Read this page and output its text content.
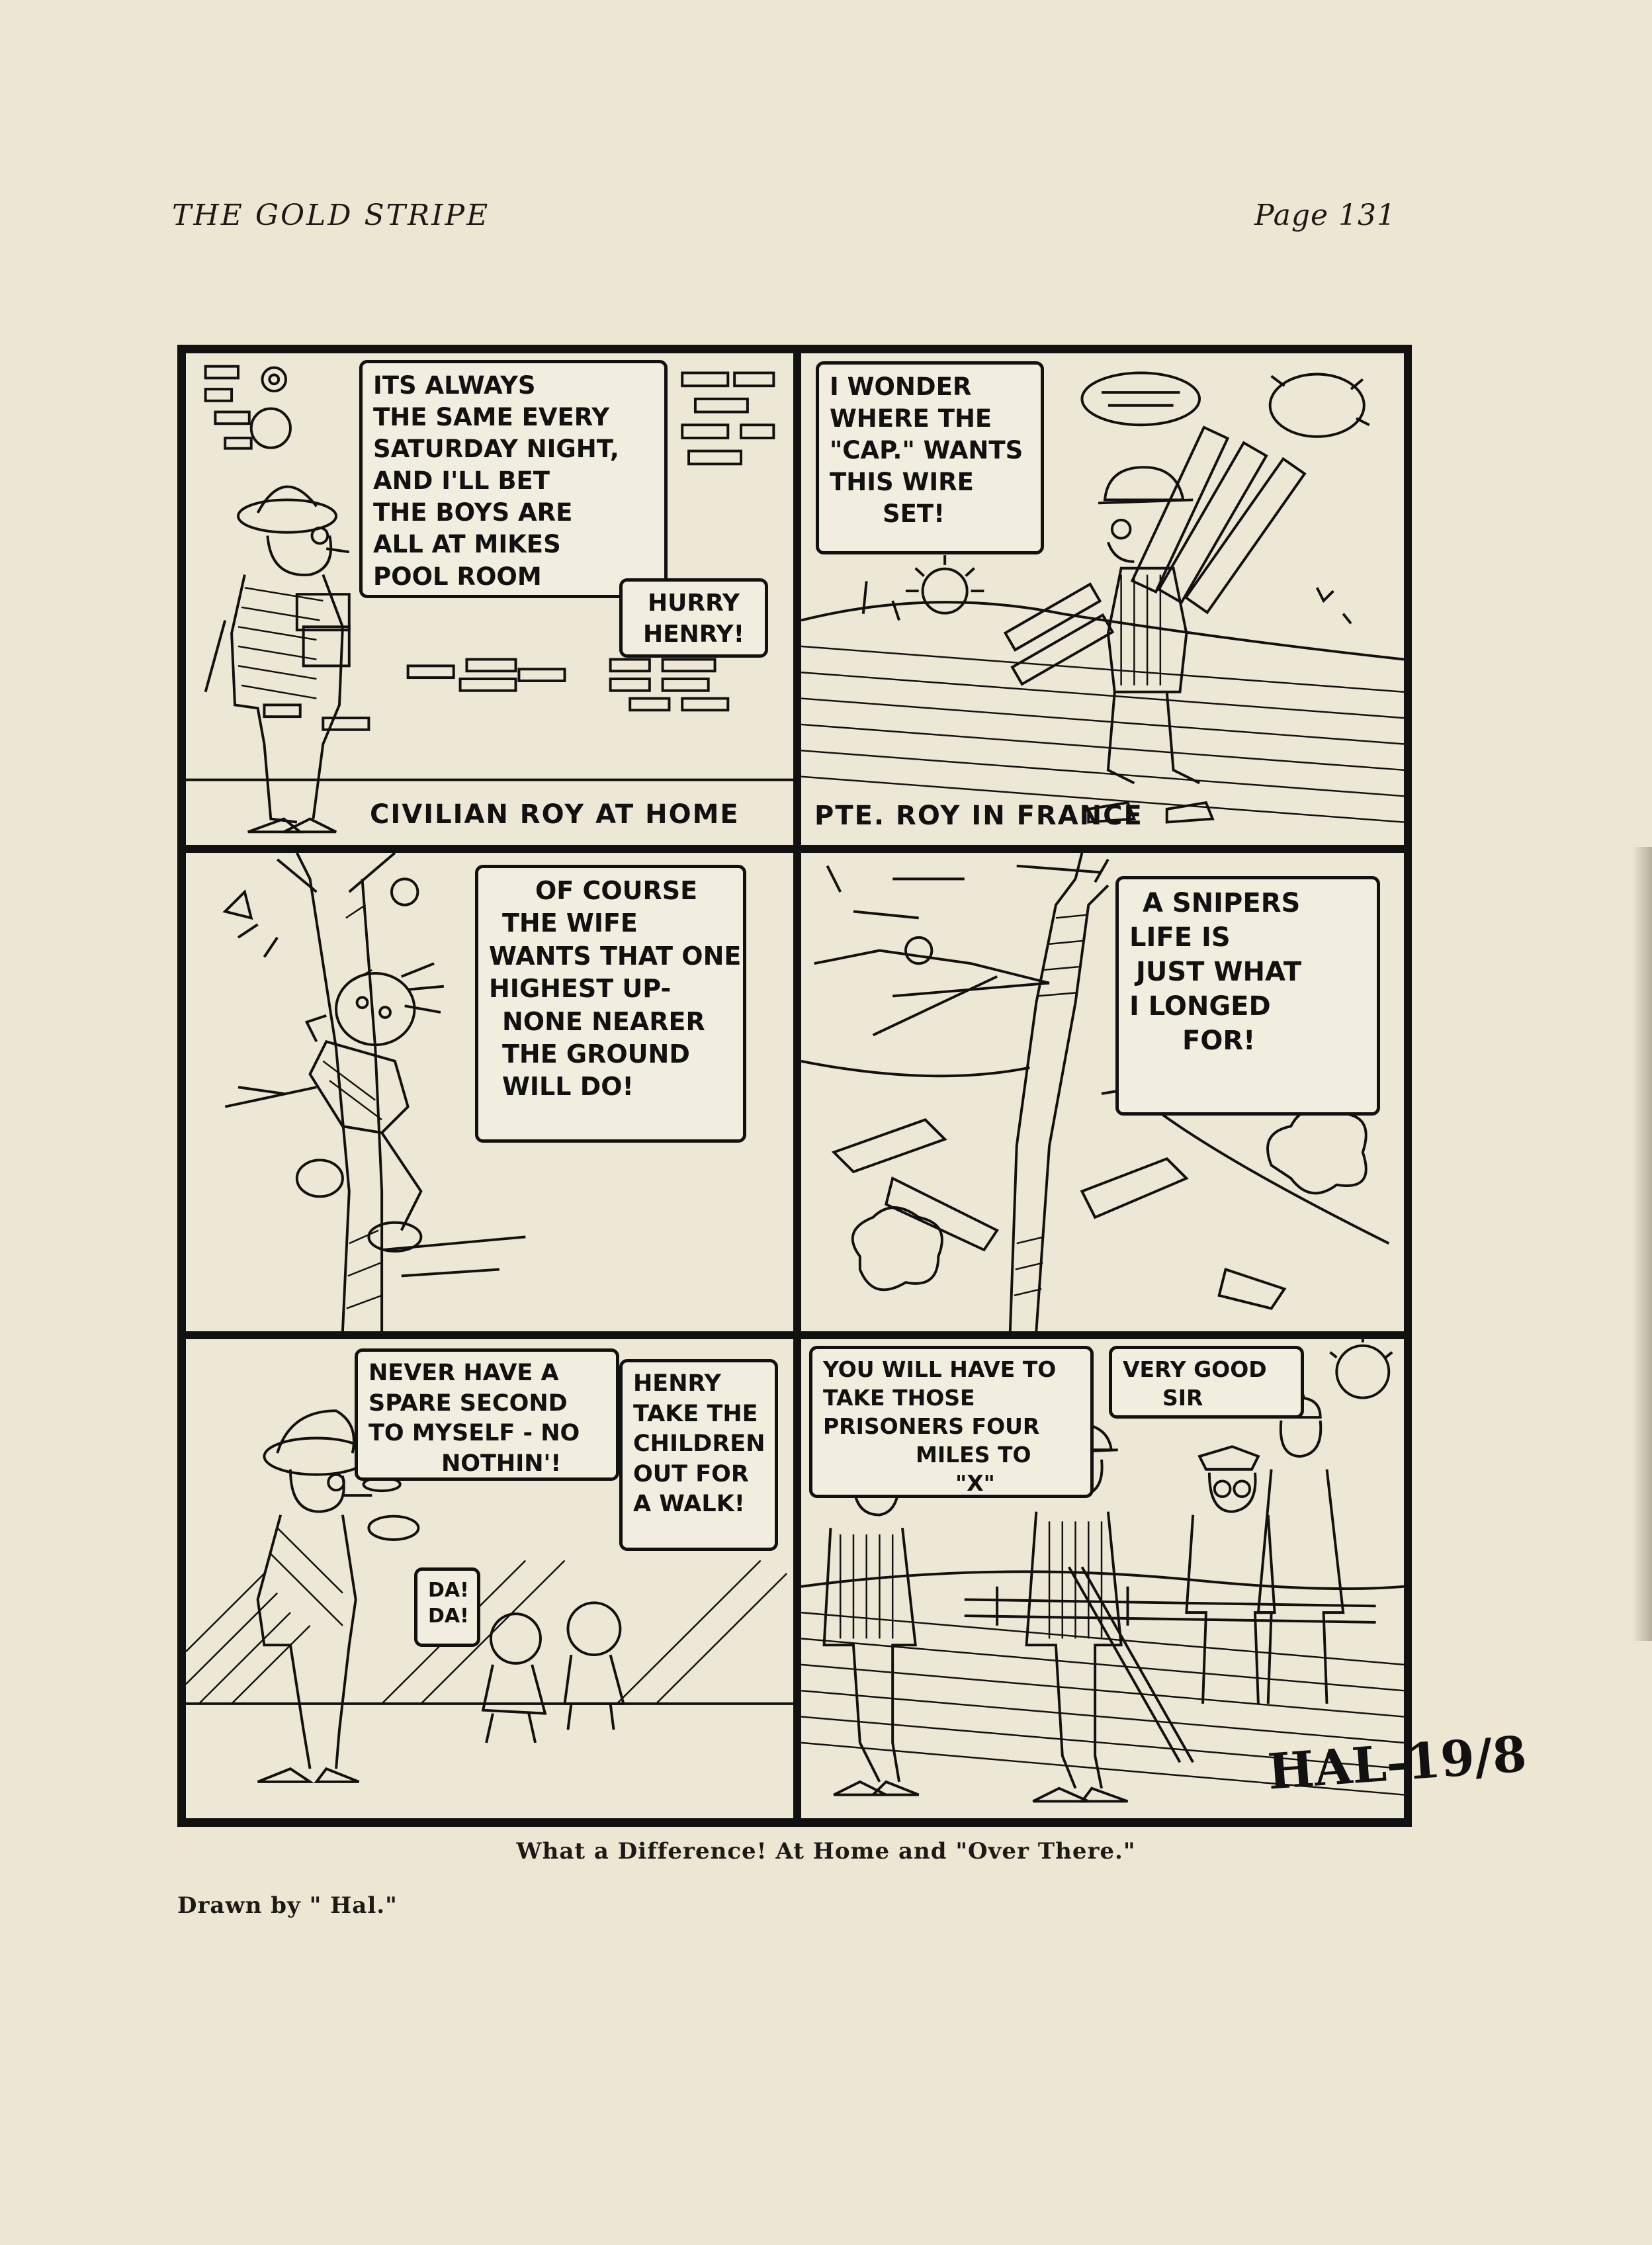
THE GOLD STRIPE	Page 131
ITS ALWAYS
THE SAME EVERY
SATURDAY NIGHT,
AND I'LL BET
THE BOYS ARE
ALL AT MIKES
POOL ROOM
HURRY
HENRY!
CIVILIAN ROY AT HOME
I WONDER
WHERE THE
"CAP." WANTS
THIS WIRE
SET!
PTE. ROY IN FRANCE
OF COURSE
THE WIFE
WANTS THAT ONE
HIGHEST UP-
NONE NEARER
THE GROUND
WILL DO!
A SNIPERS
LIFE IS
JUST WHAT
I LONGED
FOR!
NEVER HAVE A
SPARE SECOND
TO MYSELF - NO
NOTHIN'!
HENRY
TAKE THE
CHILDREN
OUT FOR
A WALK!
DA!
DA!
YOU WILL HAVE TO
TAKE THOSE
PRISONERS FOUR
MILES TO
"X"
VERY GOOD
SIR
HAL-19/8
What a Difference! At Home and "Over There."
Drawn by " Hal."
